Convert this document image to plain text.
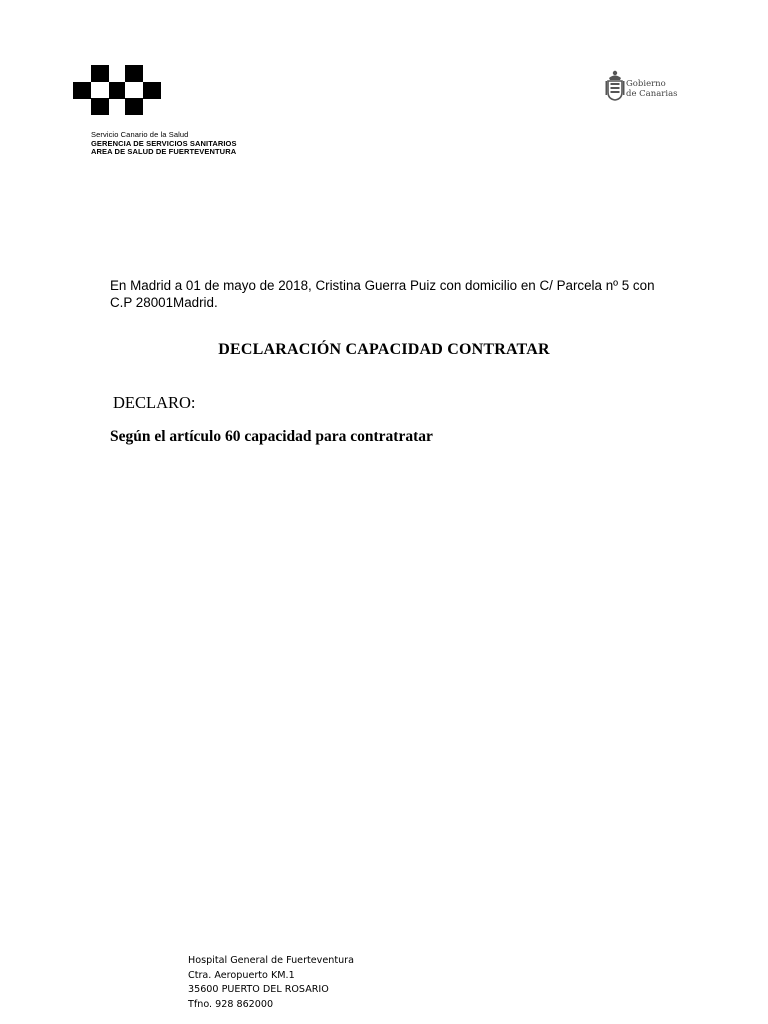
Servicio Canario de la Salud
GERENCIA DE SERVICIOS SANITARIOS
AREA DE SALUD DE FUERTEVENTURA
Gobierno
de Canarias
En Madrid a 01 de mayo de 2018, Cristina Guerra Puiz con domicilio en C/ Parcela nº 5 con
C.P 28001Madrid.
DECLARACIÓN CAPACIDAD CONTRATAR
DECLARO:
Según el artículo 60 capacidad para contratratar
Hospital General de Fuerteventura
Ctra. Aeropuerto KM.1
35600 PUERTO DEL ROSARIO
Tfno. 928 862000
